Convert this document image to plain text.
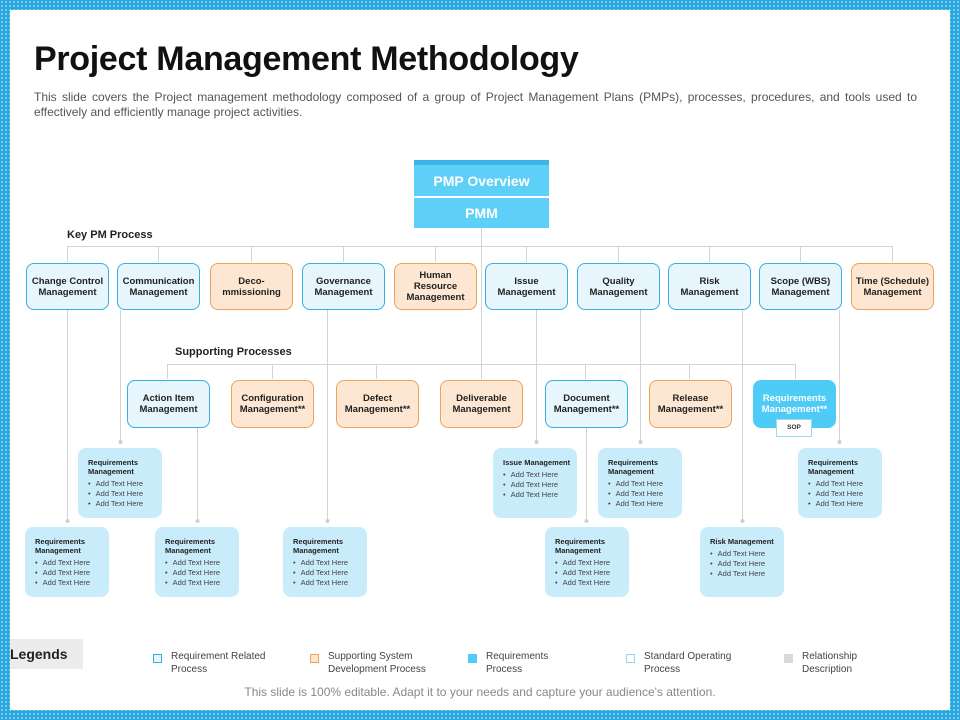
Project Management Methodology

This slide covers the Project management methodology composed of a group of Project Management Plans (PMPs), processes, procedures, and tools used to effectively and efficiently manage project activities.

PMP Overview
PMM
Key PM Process
Change Control Management
Communication Management
Deco-mmissioning
Governance Management
Human Resource Management
Issue Management
Quality Management
Risk Management
Scope (WBS) Management
Time (Schedule) Management
Supporting Processes
Action Item Management
Configuration Management**
Defect Management**
Deliverable Management
Document Management**
Release Management**
Requirements Management**
SOP
Requirements Management
• Add Text Here
• Add Text Here
• Add Text Here
Issue Management
• Add Text Here
• Add Text Here
• Add Text Here
Requirements Management
• Add Text Here
• Add Text Here
• Add Text Here
Requirements Management
• Add Text Here
• Add Text Here
• Add Text Here
Requirements Management
• Add Text Here
• Add Text Here
• Add Text Here
Requirements Management
• Add Text Here
• Add Text Here
• Add Text Here
Requirements Management
• Add Text Here
• Add Text Here
• Add Text Here
Requirements Management
• Add Text Here
• Add Text Here
• Add Text Here
Risk Management
• Add Text Here
• Add Text Here
• Add Text Here
Legends	Requirement Related Process
Supporting System Development Process
Requirements Process
Standard Operating Process
Relationship Description
This slide is 100% editable. Adapt it to your needs and capture your audience's attention.
